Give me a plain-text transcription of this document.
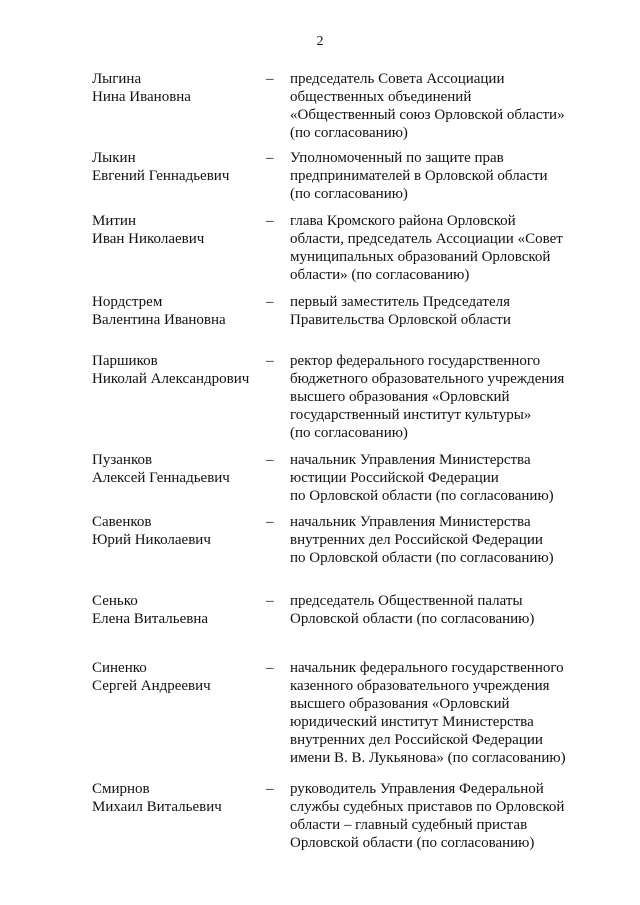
2
Лыгина
Нина Ивановна
– председатель Совета Ассоциации
общественных объединений
«Общественный союз Орловской области»
(по согласованию)
Лыкин
Евгений Геннадьевич
– Уполномоченный по защите прав
предпринимателей в Орловской области
(по согласованию)
Митин
Иван Николаевич
– глава Кромского района Орловской
области, председатель Ассоциации «Совет
муниципальных образований Орловской
области» (по согласованию)
Нордстрем
Валентина Ивановна
– первый заместитель Председателя
Правительства Орловской области
Паршиков
Николай Александрович
– ректор федерального государственного
бюджетного образовательного учреждения
высшего образования «Орловский
государственный институт культуры»
(по согласованию)
Пузанков
Алексей Геннадьевич
– начальник Управления Министерства
юстиции Российской Федерации
по Орловской области (по согласованию)
Савенков
Юрий Николаевич
– начальник Управления Министерства
внутренних дел Российской Федерации
по Орловской области (по согласованию)
Сенько
Елена Витальевна
– председатель Общественной палаты
Орловской области (по согласованию)
Синенко
Сергей Андреевич
– начальник федерального государственного
казенного образовательного учреждения
высшего образования «Орловский
юридический институт Министерства
внутренних дел Российской Федерации
имени В. В. Лукьянова» (по согласованию)
Смирнов
Михаил Витальевич
– руководитель Управления Федеральной
службы судебных приставов по Орловской
области – главный судебный пристав
Орловской области (по согласованию)
